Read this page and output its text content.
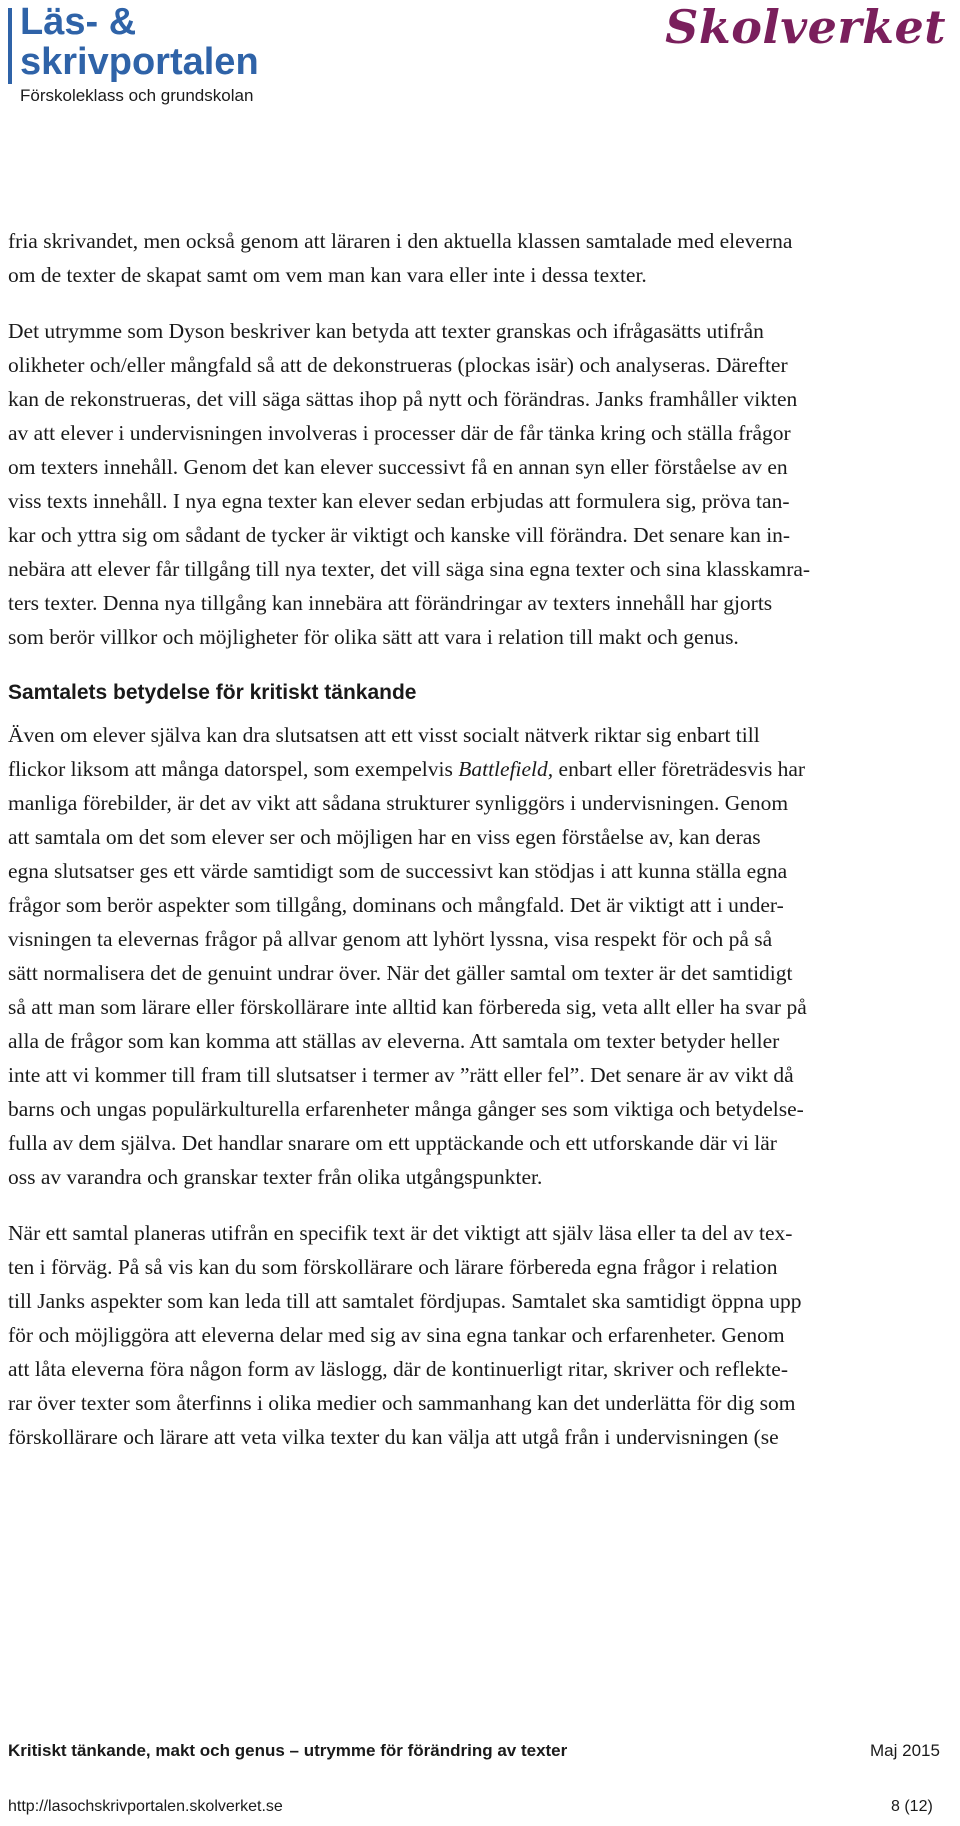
Läs- &
skrivportalen
Förskoleklass och grundskolan
Skolverket

fria skrivandet, men också genom att läraren i den aktuella klassen samtalade med eleverna
om de texter de skapat samt om vem man kan vara eller inte i dessa texter.

Det utrymme som Dyson beskriver kan betyda att texter granskas och ifrågasätts utifrån
olikheter och/eller mångfald så att de dekonstrueras (plockas isär) och analyseras. Därefter
kan de rekonstrueras, det vill säga sättas ihop på nytt och förändras. Janks framhåller vikten
av att elever i undervisningen involveras i processer där de får tänka kring och ställa frågor
om texters innehåll. Genom det kan elever successivt få en annan syn eller förståelse av en
viss texts innehåll. I nya egna texter kan elever sedan erbjudas att formulera sig, pröva tan-
kar och yttra sig om sådant de tycker är viktigt och kanske vill förändra. Det senare kan in-
nebära att elever får tillgång till nya texter, det vill säga sina egna texter och sina klasskamra-
ters texter. Denna nya tillgång kan innebära att förändringar av texters innehåll har gjorts
som berör villkor och möjligheter för olika sätt att vara i relation till makt och genus.

Samtalets betydelse för kritiskt tänkande

Även om elever själva kan dra slutsatsen att ett visst socialt nätverk riktar sig enbart till
flickor liksom att många datorspel, som exempelvis Battlefield, enbart eller företrädesvis har
manliga förebilder, är det av vikt att sådana strukturer synliggörs i undervisningen. Genom
att samtala om det som elever ser och möjligen har en viss egen förståelse av, kan deras
egna slutsatser ges ett värde samtidigt som de successivt kan stödjas i att kunna ställa egna
frågor som berör aspekter som tillgång, dominans och mångfald. Det är viktigt att i under-
visningen ta elevernas frågor på allvar genom att lyhört lyssna, visa respekt för och på så
sätt normalisera det de genuint undrar över. När det gäller samtal om texter är det samtidigt
så att man som lärare eller förskollärare inte alltid kan förbereda sig, veta allt eller ha svar på
alla de frågor som kan komma att ställas av eleverna. Att samtala om texter betyder heller
inte att vi kommer till fram till slutsatser i termer av ”rätt eller fel”. Det senare är av vikt då
barns och ungas populärkulturella erfarenheter många gånger ses som viktiga och betydelse-
fulla av dem själva. Det handlar snarare om ett upptäckande och ett utforskande där vi lär
oss av varandra och granskar texter från olika utgångspunkter.

När ett samtal planeras utifrån en specifik text är det viktigt att själv läsa eller ta del av tex-
ten i förväg. På så vis kan du som förskollärare och lärare förbereda egna frågor i relation
till Janks aspekter som kan leda till att samtalet fördjupas. Samtalet ska samtidigt öppna upp
för och möjliggöra att eleverna delar med sig av sina egna tankar och erfarenheter. Genom
att låta eleverna föra någon form av läslogg, där de kontinuerligt ritar, skriver och reflekte-
rar över texter som återfinns i olika medier och sammanhang kan det underlätta för dig som
förskollärare och lärare att veta vilka texter du kan välja att utgå från i undervisningen (se

Kritiskt tänkande, makt och genus – utrymme för förändring av texter	Maj 2015
http://lasochskrivportalen.skolverket.se	8 (12)
